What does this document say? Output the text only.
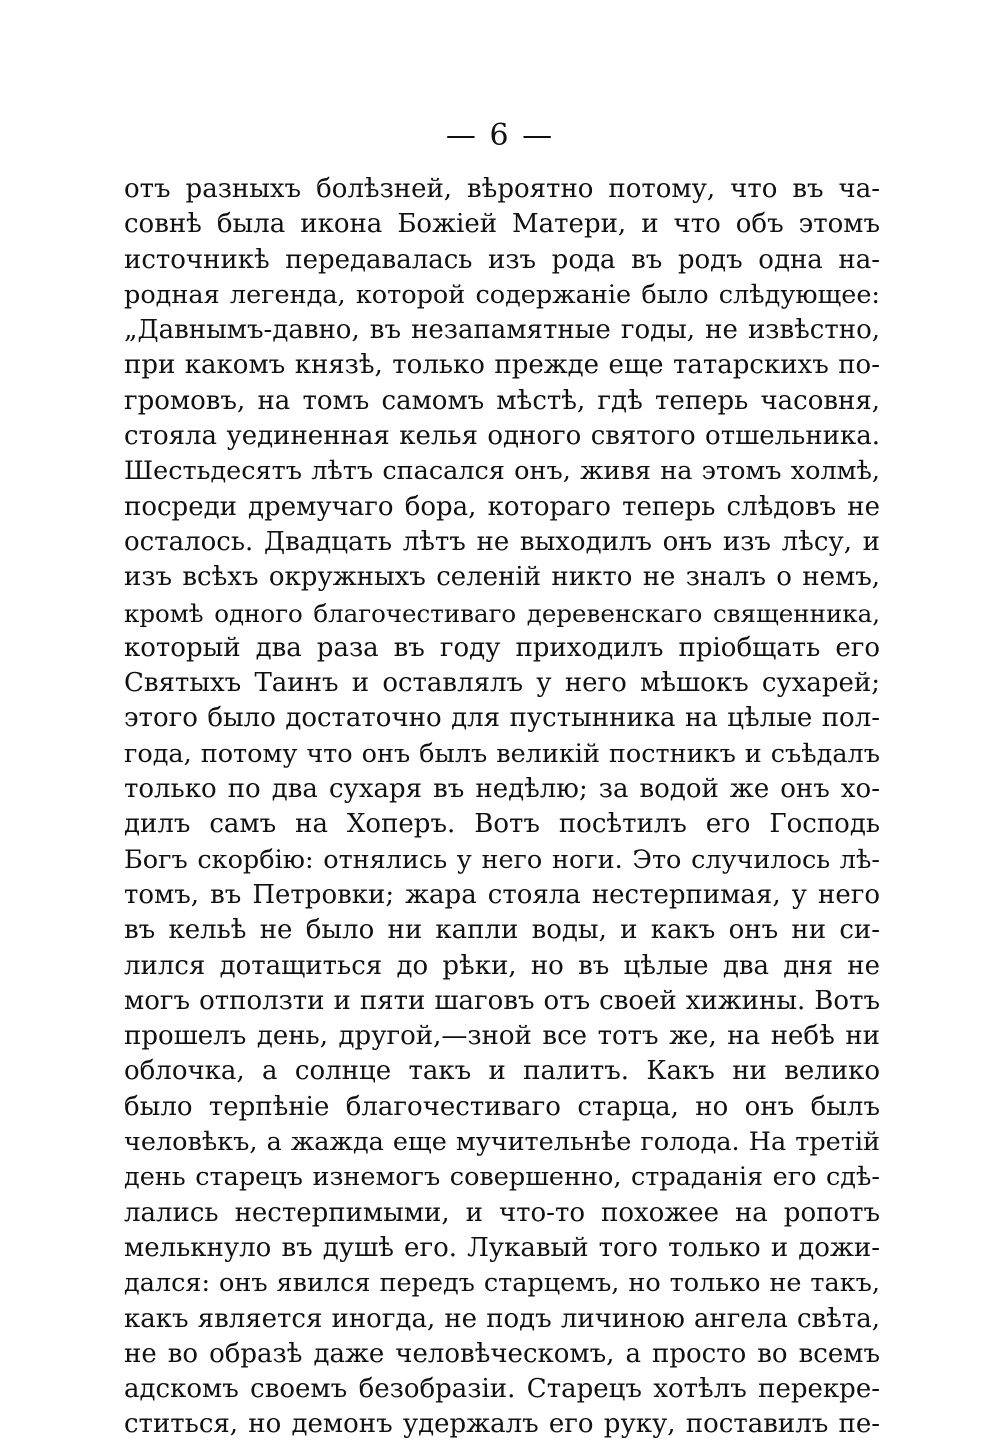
— 6 —
отъ разныхъ болѣзней, вѣроятно потому, что въ ча-
совнѣ была икона Божіей Матери, и что объ этомъ
источникѣ передавалась изъ рода въ родъ одна на-
родная легенда, которой содержаніе было слѣдующее:
„Давнымъ-давно, въ незапамятные годы, не извѣстно,
при какомъ князѣ, только прежде еще татарскихъ по-
громовъ, на томъ самомъ мѣстѣ, гдѣ теперь часовня,
стояла уединенная келья одного святого отшельника.
Шестьдесятъ лѣтъ спасался онъ, живя на этомъ холмѣ,
посреди дремучаго бора, котораго теперь слѣдовъ не
осталось. Двадцать лѣтъ не выходилъ онъ изъ лѣсу, и
изъ всѣхъ окружныхъ селеній никто не зналъ о немъ,
кромѣ одного благочестиваго деревенскаго священника,
который два раза въ году приходилъ пріобщать его
Святыхъ Таинъ и оставлялъ у него мѣшокъ сухарей;
этого было достаточно для пустынника на цѣлые пол-
года, потому что онъ былъ великій постникъ и съѣдалъ
только по два сухаря въ недѣлю; за водой же онъ хо-
дилъ самъ на Хоперъ. Вотъ посѣтилъ его Господь
Богъ скорбію: отнялись у него ноги. Это случилось лѣ-
томъ, въ Петровки; жара стояла нестерпимая, у него
въ кельѣ не было ни капли воды, и какъ онъ ни си-
лился дотащиться до рѣки, но въ цѣлые два дня не
могъ отползти и пяти шаговъ отъ своей хижины. Вотъ
прошелъ день, другой,—зной все тотъ же, на небѣ ни
облочка, а солнце такъ и палитъ. Какъ ни велико
было терпѣніе благочестиваго старца, но онъ былъ
человѣкъ, а жажда еще мучительнѣе голода. На третій
день старецъ изнемогъ совершенно, страданія его сдѣ-
лались нестерпимыми, и что-то похожее на ропотъ
мелькнуло въ душѣ его. Лукавый того только и дожи-
дался: онъ явился передъ старцемъ, но только не такъ,
какъ является иногда, не подъ личиною ангела свѣта,
не во образѣ даже человѣческомъ, а просто во всемъ
адскомъ своемъ безобразіи. Старецъ хотѣлъ перекре-
ститься, но демонъ удержалъ его руку, поставилъ пе-
